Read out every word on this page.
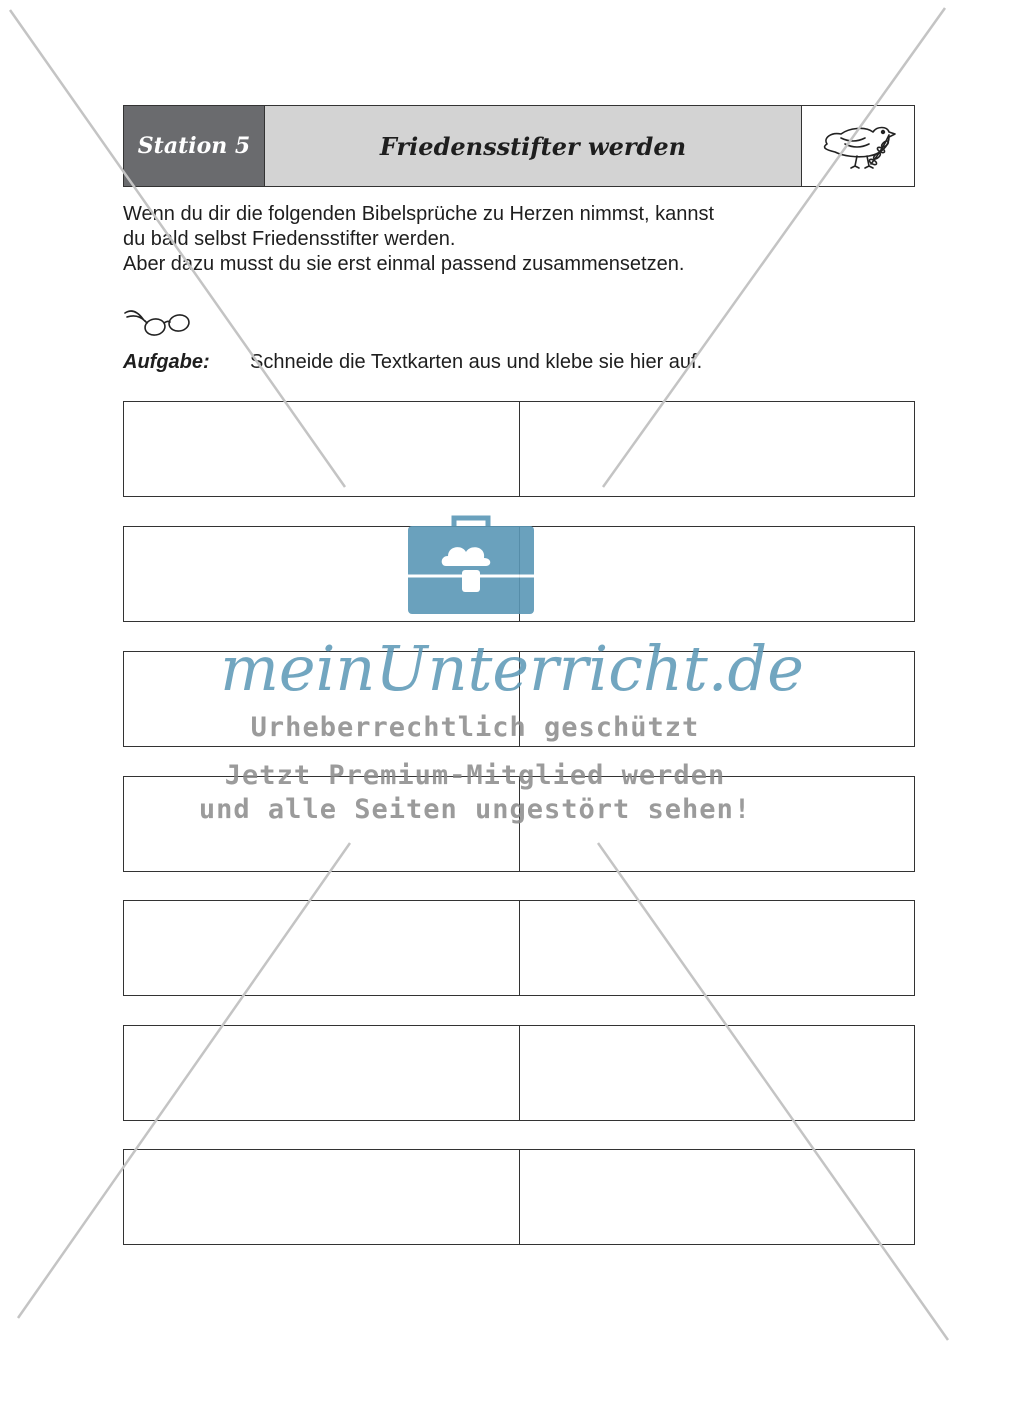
Station 5	Friedensstifter werden

Wenn du dir die folgenden Bibelsprüche zu Herzen nimmst, kannst

du bald selbst Friedensstifter werden.

Aber dazu musst du sie erst einmal passend zusammensetzen.

Aufgabe:	Schneide die Textkarten aus und klebe sie hier auf.
meinUnterricht.de
Urheberrechtlich geschützt
Jetzt Premium-Mitglied werden
und alle Seiten ungestört sehen!
